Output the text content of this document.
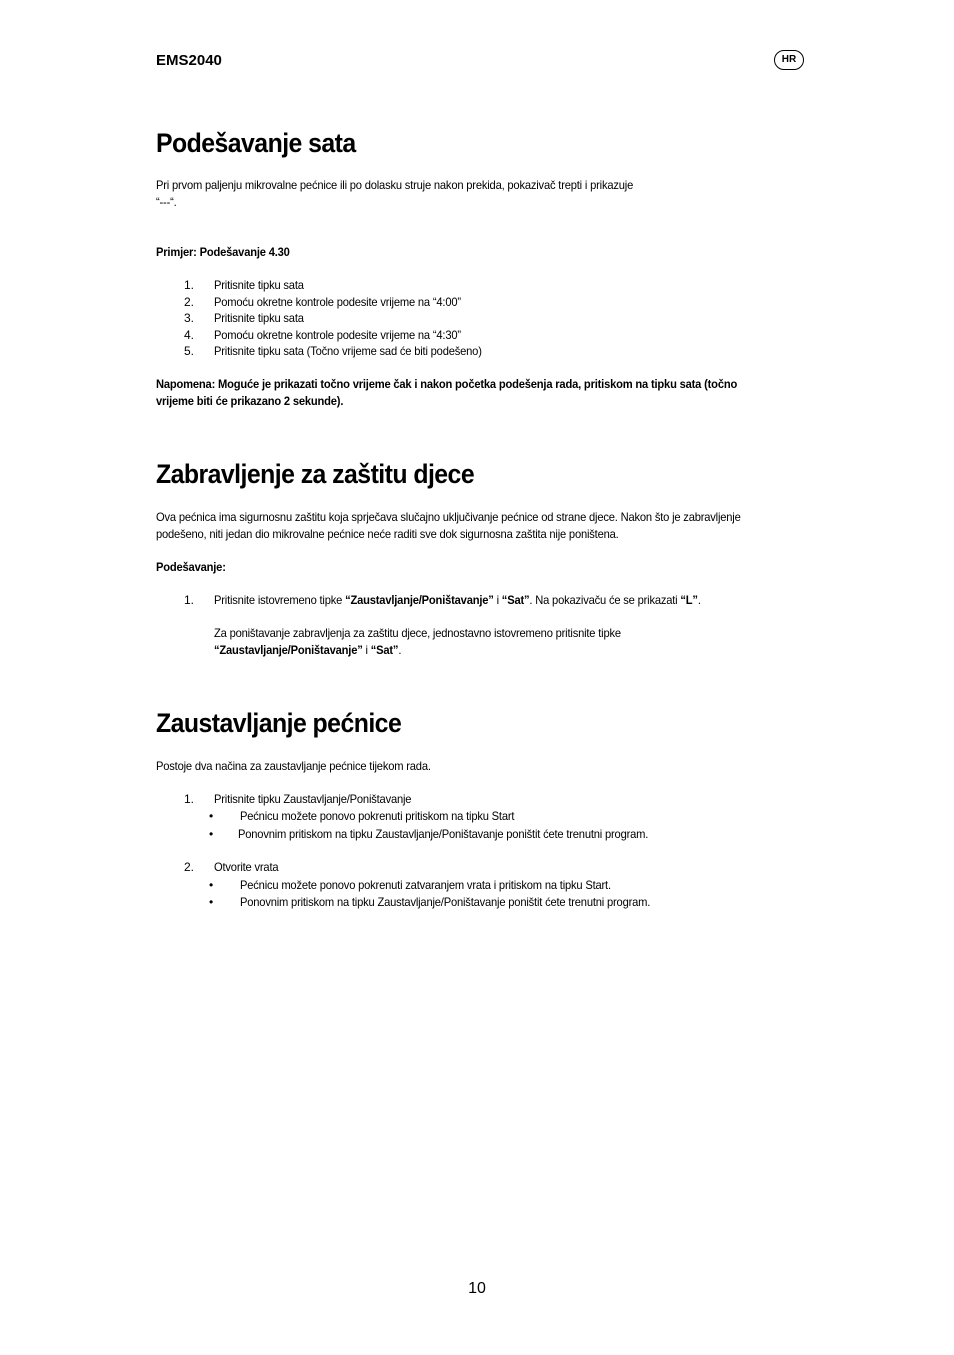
EMS2040	HR
Podešavanje sata

Pri prvom paljenju mikrovalne pećnice ili po dolasku struje nakon prekida, pokazivač trepti i prikazuje

“---“.

Primjer: Podešavanje 4.30

1. Pritisnite tipku sata
2. Pomoću okretne kontrole podesite vrijeme na “4:00”
3. Pritisnite tipku sata
4. Pomoću okretne kontrole podesite vrijeme na “4:30”
5. Pritisnite tipku sata (Točno vrijeme sad će biti podešeno)

Napomena: Moguće je prikazati točno vrijeme čak i nakon početka podešenja rada, pritiskom na tipku sata (točno

vrijeme biti će prikazano 2 sekunde).

Zabravljenje za zaštitu djece

Ova pećnica ima sigurnosnu zaštitu koja sprječava slučajno uključivanje pećnice od strane djece. Nakon što je zabravljenje

podešeno, niti jedan dio mikrovalne pećnice neće raditi sve dok sigurnosna zaštita nije poništena.

Podešavanje:

1. Pritisnite istovremeno tipke “Zaustavljanje/Poništavanje” i “Sat”. Na pokazivaču će se prikazati “L”.
Za poništavanje zabravljenja za zaštitu djece, jednostavno istovremeno pritisnite tipke
“Zaustavljanje/Poništavanje” i “Sat”.
Zaustavljanje pećnice

Postoje dva načina za zaustavljanje pećnice tijekom rada.

1. Pritisnite tipku Zaustavljanje/Poništavanje
• Pećnicu možete ponovo pokrenuti pritiskom na tipku Start
• Ponovnim pritiskom na tipku Zaustavljanje/Poništavanje poništit ćete trenutni program.
2. Otvorite vrata
• Pećnicu možete ponovo pokrenuti zatvaranjem vrata i pritiskom na tipku Start.
• Ponovnim pritiskom na tipku Zaustavljanje/Poništavanje poništit ćete trenutni program.
10
